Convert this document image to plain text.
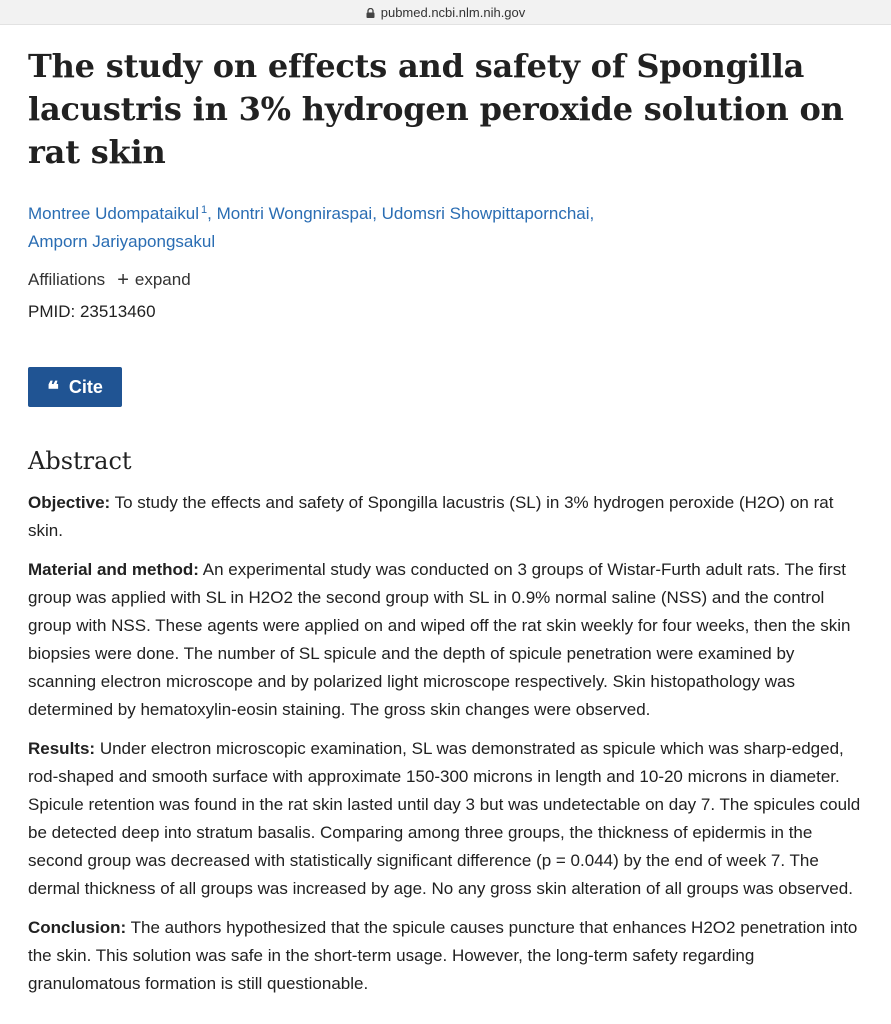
pubmed.ncbi.nlm.nih.gov
The study on effects and safety of Spongilla lacustris in 3% hydrogen peroxide solution on rat skin
Montree Udompataikul $^1$, Montri Wongniraspai, Udomsri Showpittapornchai,
Amporn Jariyapongsakul
Affiliations + expand
PMID: 23513460
❝ Cite
Abstract
Objective: To study the effects and safety of Spongilla lacustris (SL) in 3% hydrogen peroxide (H2O) on rat skin.
Material and method: An experimental study was conducted on 3 groups of Wistar-Furth adult rats. The first group was applied with SL in H2O2 the second group with SL in 0.9% normal saline (NSS) and the control group with NSS. These agents were applied on and wiped off the rat skin weekly for four weeks, then the skin biopsies were done. The number of SL spicule and the depth of spicule penetration were examined by scanning electron microscope and by polarized light microscope respectively. Skin histopathology was determined by hematoxylin-eosin staining. The gross skin changes were observed.
Results: Under electron microscopic examination, SL was demonstrated as spicule which was sharp-edged, rod-shaped and smooth surface with approximate 150-300 microns in length and 10-20 microns in diameter. Spicule retention was found in the rat skin lasted until day 3 but was undetectable on day 7. The spicules could be detected deep into stratum basalis. Comparing among three groups, the thickness of epidermis in the second group was decreased with statistically significant difference (p = 0.044) by the end of week 7. The dermal thickness of all groups was increased by age. No any gross skin alteration of all groups was observed.
Conclusion: The authors hypothesized that the spicule causes puncture that enhances H2O2 penetration into the skin. This solution was safe in the short-term usage. However, the long-term safety regarding granulomatous formation is still questionable.
